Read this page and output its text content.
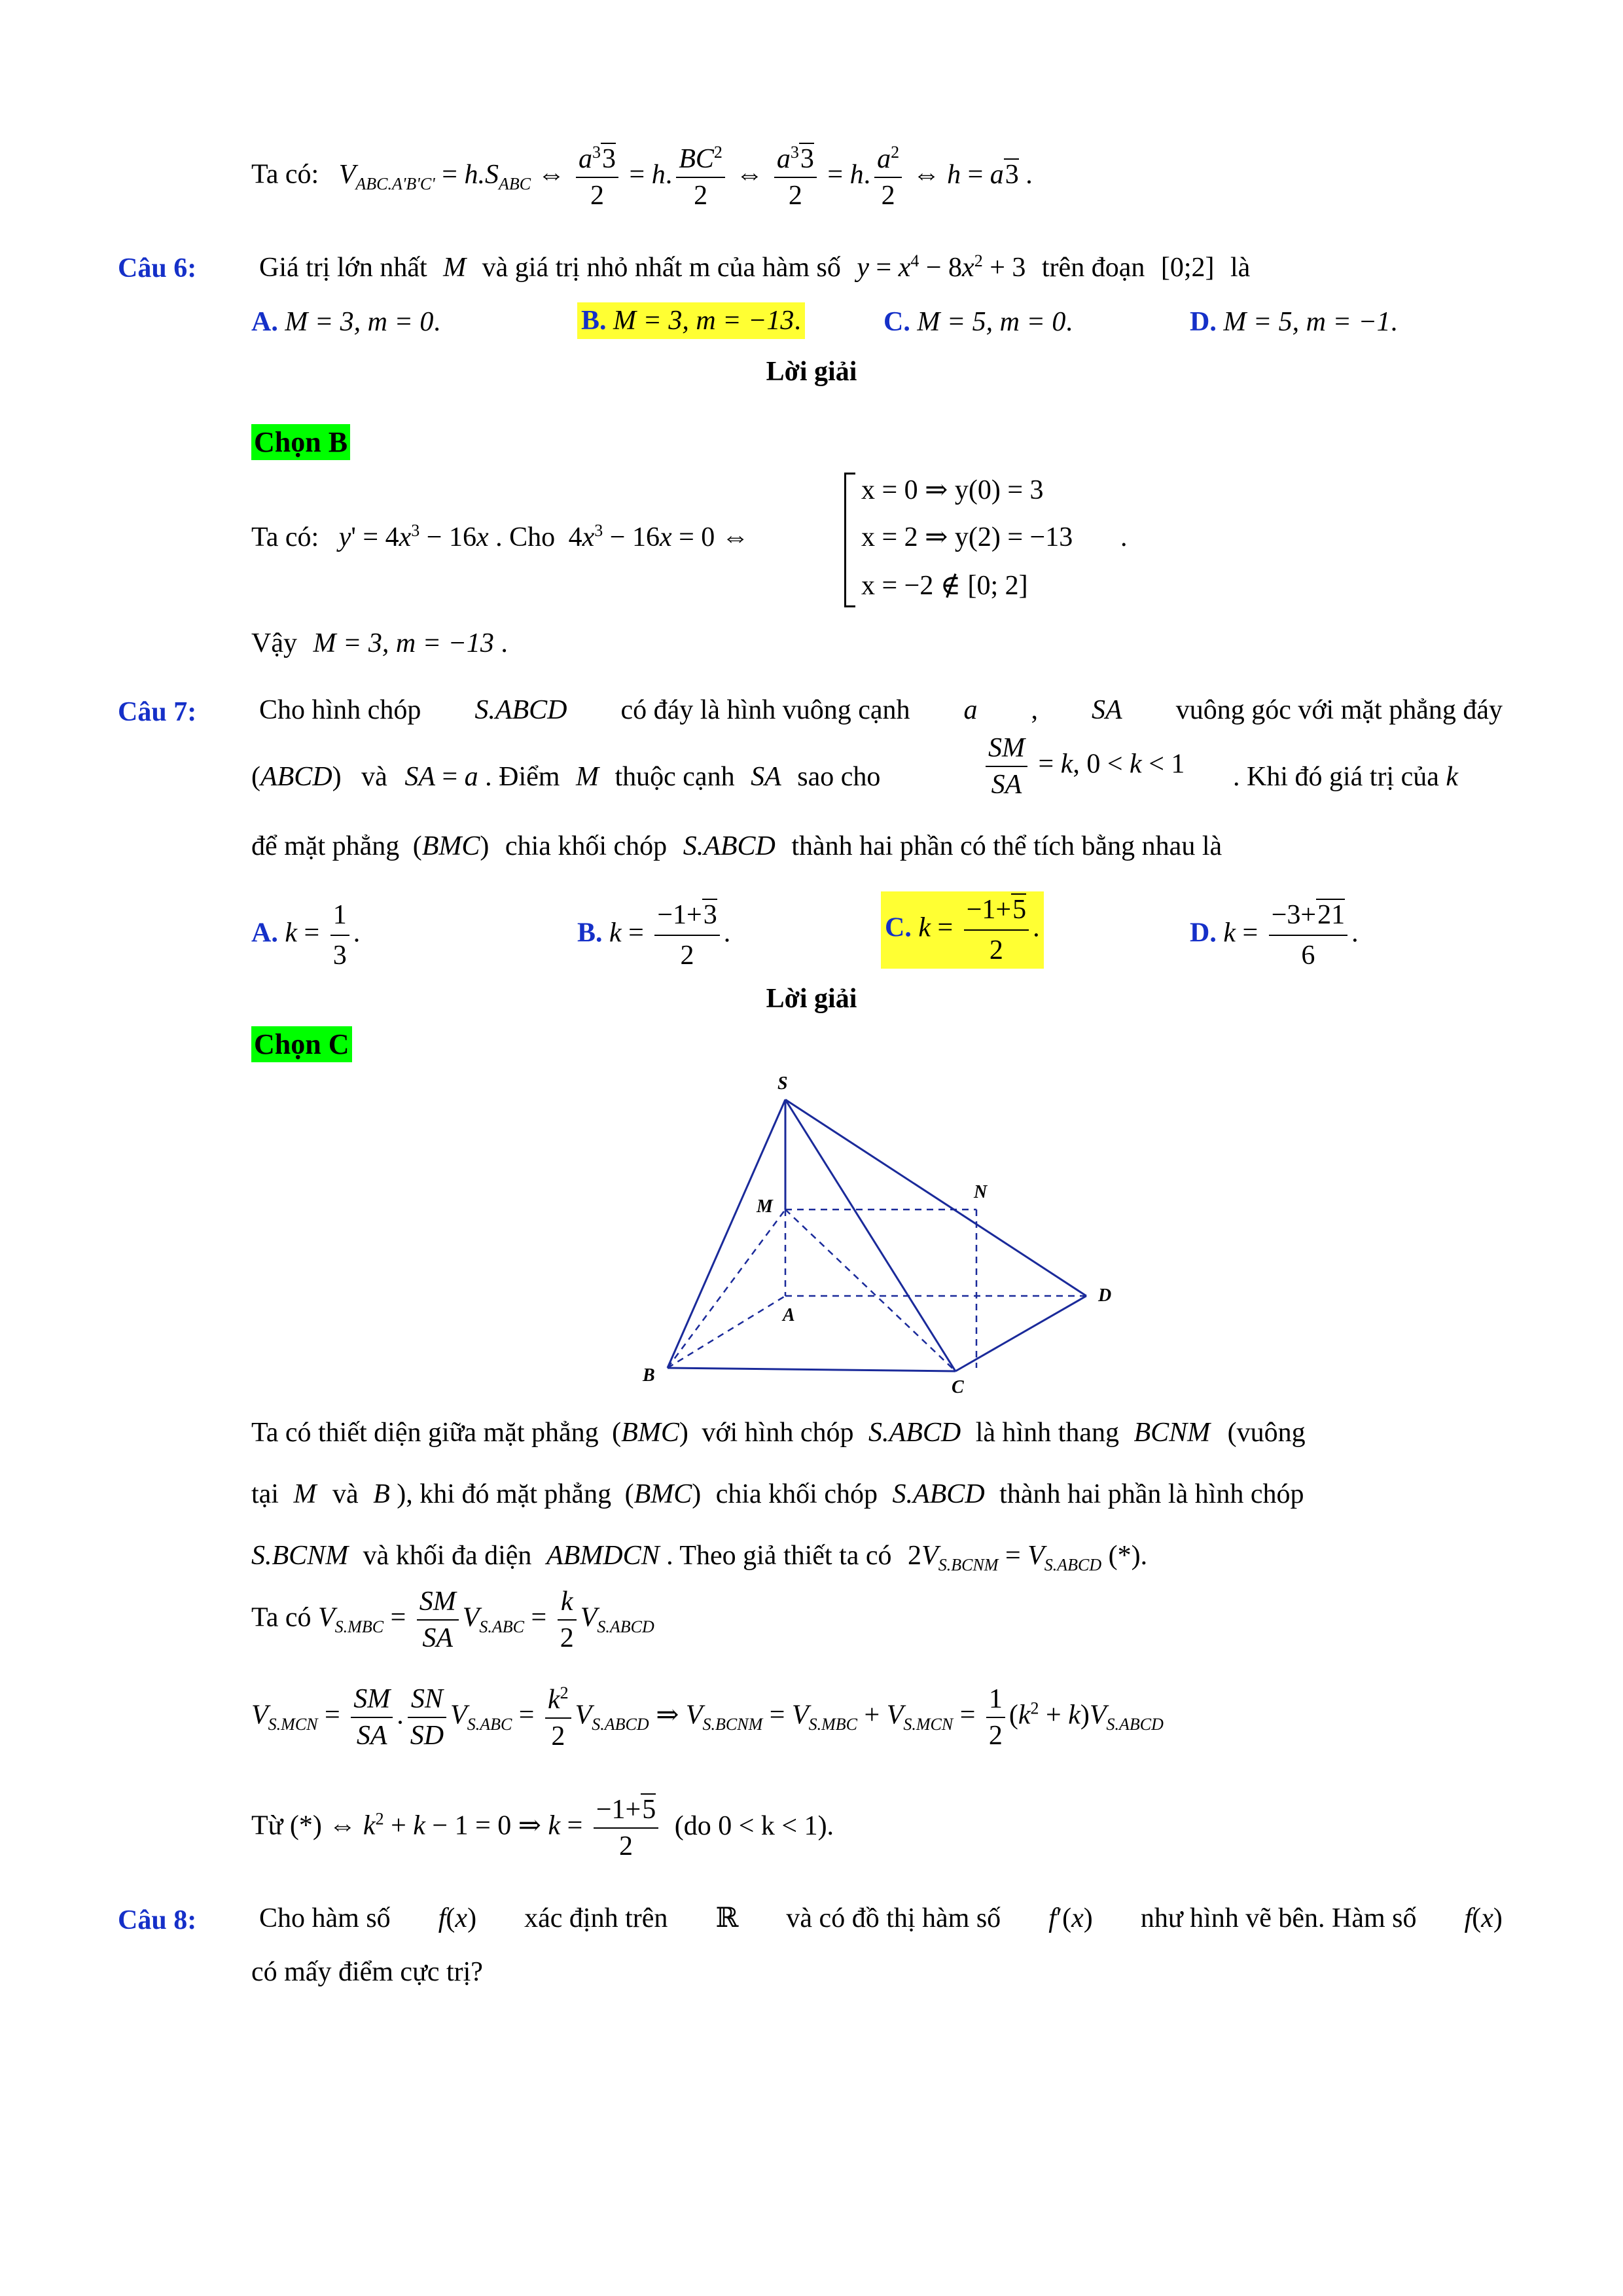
Ta có: $V_{ABC.A'B'C'} = h.S_{ABC}$ ⇔ $\frac{a^33}{2} = h$. $\frac{BC^2}{2}$ ⇔ $\frac{a^33}{2} = h$. $\frac{a^2}{2}$ ⇔ h = a3 .
Câu 6: Giá trị lớn nhất M và giá trị nhỏ nhất m của hàm số $y = x^4 - 8x^2 + 3$ trên đoạn [0;2] là
A. M = 3, m = 0.	B. M = 3, m = −13.	C. M = 5, m = 0.	D. M = 5, m = −1.
Lời giải
Chọn B
Ta có: $y' = 4x^3 - 16x$ . Cho $4x^3 - 16x = 0$ ⇔
x = 0 ⇒ y(0) = 3
x = 2 ⇒ y(2) = −13
x = −2 ∉ [0; 2]
.
Vậy M = 3, m = −13 .
Câu 7: Cho hình chóp S.ABCD có đáy là hình vuông cạnh a , SA vuông góc với mặt phẳng đáy
(ABCD) và SA = a . Điểm M thuộc cạnh SA sao cho	$\frac{SM}{SA} = k$, 0 < k < 1 . Khi đó giá trị của k
để mặt phẳng (BMC) chia khối chóp S.ABCD thành hai phần có thể tích bằng nhau là
A. $k = \frac{1}{3}$ .	B. $k = \frac{-1+3}{2}$ .	C. $k = \frac{-1+5}{2}$ .	D. $k = \frac{-3+21}{6}$ .
Lời giải
Chọn C
S
M
N
A
D
B
C
Ta có thiết diện giữa mặt phẳng (BMC) với hình chóp S.ABCD là hình thang BCNM (vuông
tại M và B ), khi đó mặt phẳng (BMC) chia khối chóp S.ABCD thành hai phần là hình chóp
S.BCNM và khối đa diện ABMDCN . Theo giả thiết ta có $2V_{S.BCNM} = V_{S.ABCD}$ (*).
Ta có $V_{S.MBC} = \frac{SM}{SA} V_{S.ABC} = \frac{k}{2} V_{S.ABCD}$
$V_{S.MCN} = \frac{SM}{SA}$ . $\frac{SN}{SD} V_{S.ABC} = \frac{k^2}{2} V_{S.ABCD}$ ⇒ $V_{S.BCNM} = V_{S.MBC} + V_{S.MCN} = \frac{1}{2} (k^2 + k)V_{S.ABCD}$
Từ (*) ⇔ $k^2 + k - 1 = 0$ ⇒ $k = \frac{-1+5}{2} (do$ 0 < k < 1).
Câu 8: Cho hàm số f(x) xác định trên ℝ và có đồ thị hàm số f′(x) như hình vẽ bên. Hàm số f(x)
có mấy điểm cực trị?
